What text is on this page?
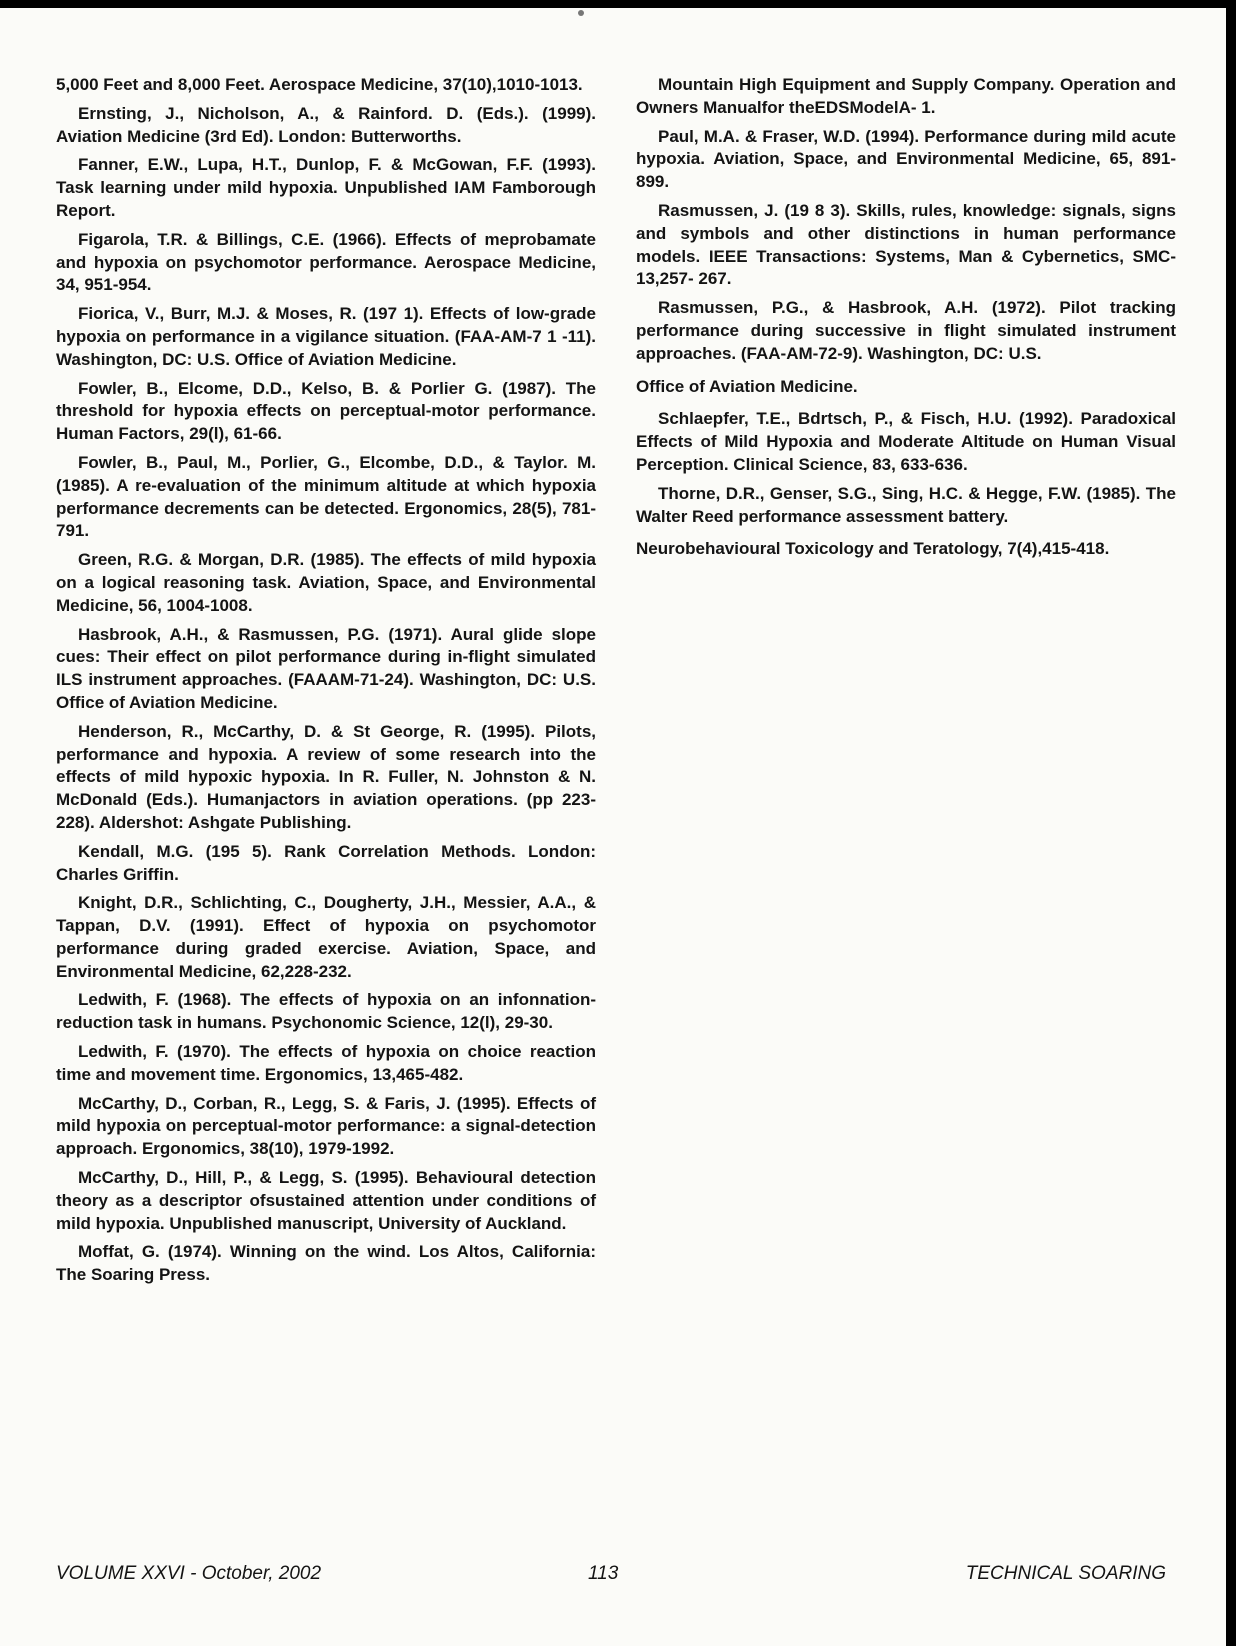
5,000 Feet and 8,000 Feet. Aerospace Medicine, 37(10),1010-1013.

Ernsting, J., Nicholson, A., & Rainford. D. (Eds.). (1999). Aviation Medicine (3rd Ed). London: Butterworths.

Fanner, E.W., Lupa, H.T., Dunlop, F. & McGowan, F.F. (1993). Task learning under mild hypoxia. Unpublished IAM Famborough Report.

Figarola, T.R. & Billings, C.E. (1966). Effects of meprobamate and hypoxia on psychomotor performance. Aerospace Medicine, 34, 951-954.

Fiorica, V., Burr, M.J. & Moses, R. (197 1). Effects of low-grade hypoxia on performance in a vigilance situation. (FAA-AM-7 1 -11). Washington, DC: U.S. Office of Aviation Medicine.

Fowler, B., Elcome, D.D., Kelso, B. & Porlier G. (1987). The threshold for hypoxia effects on perceptual-motor performance. Human Factors, 29(l), 61-66.

Fowler, B., Paul, M., Porlier, G., Elcombe, D.D., & Taylor. M. (1985). A re-evaluation of the minimum altitude at which hypoxia performance decrements can be detected. Ergonomics, 28(5), 781-791.

Green, R.G. & Morgan, D.R. (1985). The effects of mild hypoxia on a logical reasoning task. Aviation, Space, and Environmental Medicine, 56, 1004-1008.

Hasbrook, A.H., & Rasmussen, P.G. (1971). Aural glide slope cues: Their effect on pilot performance during in-flight simulated ILS instrument approaches. (FAAAM-71-24). Washington, DC: U.S. Office of Aviation Medicine.

Henderson, R., McCarthy, D. & St George, R. (1995). Pilots, performance and hypoxia. A review of some research into the effects of mild hypoxic hypoxia. In R. Fuller, N. Johnston & N. McDonald (Eds.). Humanjactors in aviation operations. (pp 223-228). Aldershot: Ashgate Publishing.

Kendall, M.G. (195 5). Rank Correlation Methods. London: Charles Griffin.

Knight, D.R., Schlichting, C., Dougherty, J.H., Messier, A.A., & Tappan, D.V. (1991). Effect of hypoxia on psychomotor performance during graded exercise. Aviation, Space, and Environmental Medicine, 62,228-232.

Ledwith, F. (1968). The effects of hypoxia on an infonnation-reduction task in humans. Psychonomic Science, 12(l), 29-30.

Ledwith, F. (1970). The effects of hypoxia on choice reaction time and movement time. Ergonomics, 13,465-482.

McCarthy, D., Corban, R., Legg, S. & Faris, J. (1995). Effects of mild hypoxia on perceptual-motor performance: a signal-detection approach. Ergonomics, 38(10), 1979-1992.

McCarthy, D., Hill, P., & Legg, S. (1995). Behavioural detection theory as a descriptor ofsustained attention under conditions of mild hypoxia. Unpublished manuscript, University of Auckland.

Moffat, G. (1974). Winning on the wind. Los Altos, California: The Soaring Press.

Mountain High Equipment and Supply Company. Operation and Owners Manualfor theEDSModelA- 1.

Paul, M.A. & Fraser, W.D. (1994). Performance during mild acute hypoxia. Aviation, Space, and Environmental Medicine, 65, 891-899.

Rasmussen, J. (19 8 3). Skills, rules, knowledge: signals, signs and symbols and other distinctions in human performance models. IEEE Transactions: Systems, Man & Cybernetics, SMC-13,257- 267.

Rasmussen, P.G., & Hasbrook, A.H. (1972). Pilot tracking performance during successive in flight simulated instrument approaches. (FAA-AM-72-9). Washington, DC: U.S.

Office of Aviation Medicine.

Schlaepfer, T.E., Bdrtsch, P., & Fisch, H.U. (1992). Paradoxical Effects of Mild Hypoxia and Moderate Altitude on Human Visual Perception. Clinical Science, 83, 633-636.

Thorne, D.R., Genser, S.G., Sing, H.C. & Hegge, F.W. (1985). The Walter Reed performance assessment battery.

Neurobehavioural Toxicology and Teratology, 7(4),415-418.

VOLUME XXVI - October, 2002	113	TECHNICAL SOARING
